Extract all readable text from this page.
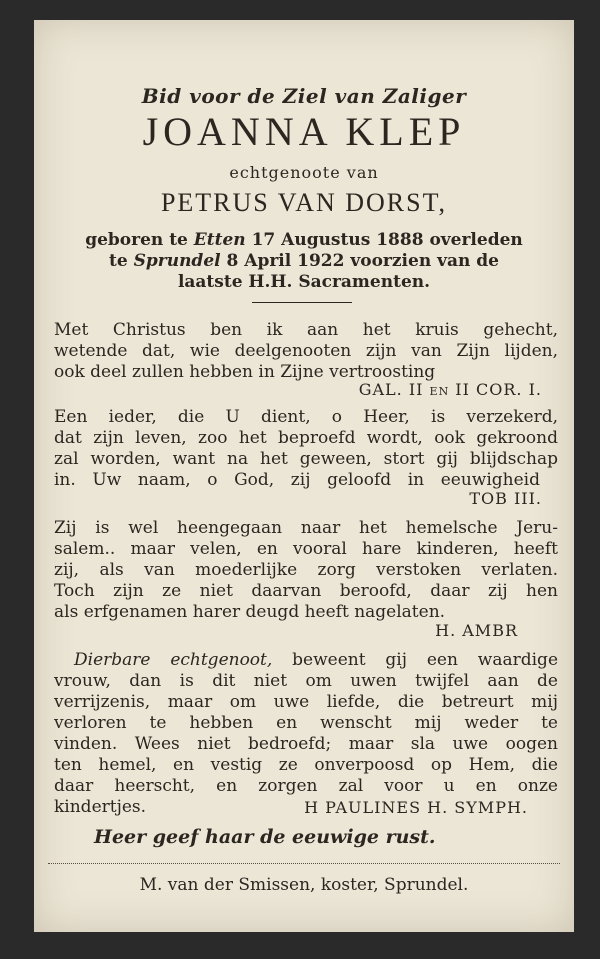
Bid voor de Ziel van Zaliger
JOANNA KLEP
echtgenoote van
PETRUS VAN DORST,
geboren te Etten 17 Augustus 1888 overleden
te Sprundel 8 April 1922 voorzien van de
laatste H.H. Sacramenten.
Met Christus ben ik aan het kruis gehecht,
wetende dat, wie deelgenooten zijn van Zijn lijden,
ook deel zullen hebben in Zijne vertroosting
GAL. II en II COR. I.
Een ieder, die U dient, o Heer, is verzekerd,
dat zijn leven, zoo het beproefd wordt, ook gekroond
zal worden, want na het geween, stort gij blijdschap
in. Uw naam, o God, zij geloofd in eeuwigheid
TOB III.
Zij is wel heengegaan naar het hemelsche Jeru-
salem.. maar velen, en vooral hare kinderen, heeft
zij, als van moederlijke zorg verstoken verlaten.
Toch zijn ze niet daarvan beroofd, daar zij hen
als erfgenamen harer deugd heeft nagelaten.
H. AMBR
Dierbare echtgenoot, beweent gij een waardige
vrouw, dan is dit niet om uwen twijfel aan de
verrijzenis, maar om uwe liefde, die betreurt mij
verloren te hebben en wenscht mij weder te
vinden. Wees niet bedroefd; maar sla uwe oogen
ten hemel, en vestig ze onverpoosd op Hem, die
daar heerscht, en zorgen zal voor u en onze
kindertjes.	H PAULINES H. SYMPH.
Heer geef haar de eeuwige rust.
M. van der Smissen, koster, Sprundel.
